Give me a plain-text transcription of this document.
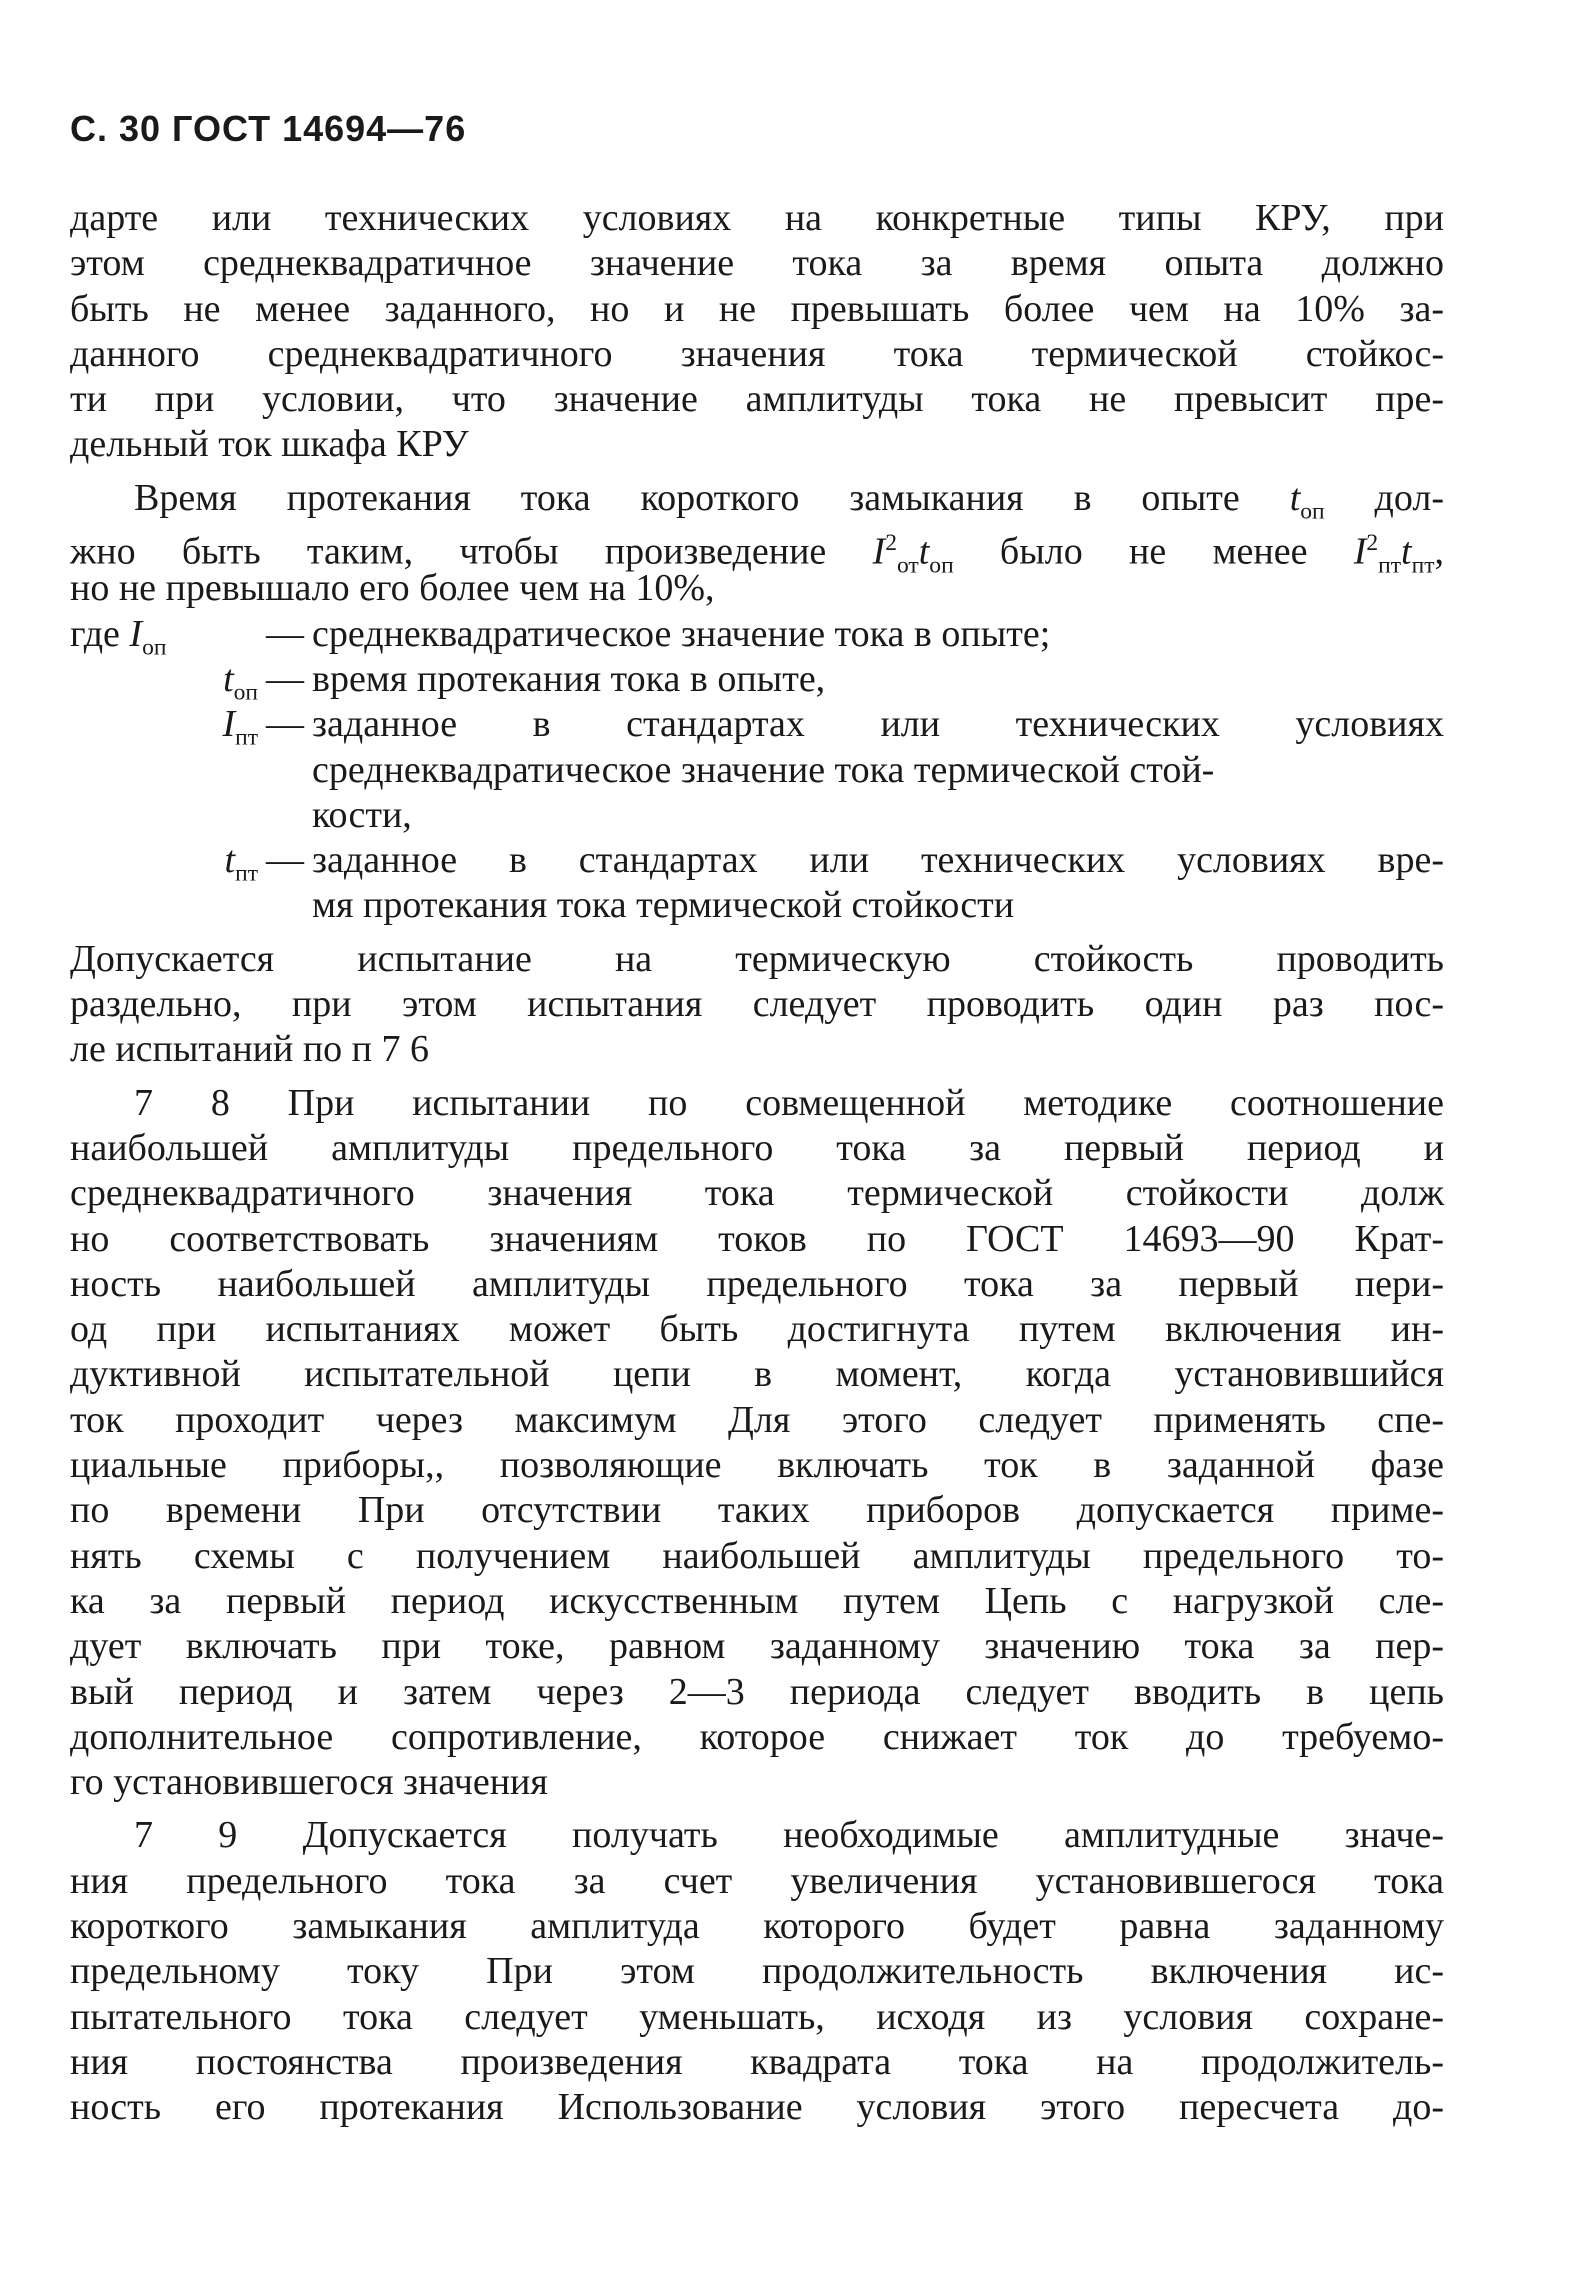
С. 30 ГОСТ 14694—76
дарте или технических условиях на конкретные типы КРУ, при
этом среднеквадратичное значение тока за время опыта должно
быть не менее заданного, но и не превышать более чем на 10% за-
данного среднеквадратичного значения тока термической стойкос-
ти при условии, что значение амплитуды тока не превысит пре-
дельный ток шкафа КРУ
Время протекания тока короткого замыкания в опыте $t_{оп}$ дол-
жно быть таким, чтобы произведение $I^2_{от}t_{оп}$ было не менее $I^2_{пт}t_{пт}$,
но не превышало его более чем на 10%,
где $I_{оп}$	— среднеквадратическое значение тока в опыте;
$t_{оп}$ — время протекания тока в опыте,
$I_{пт}$ — заданное в стандартах или технических условиях
среднеквадратическое значение тока термической стой-
кости,
$t_{пт}$ — заданное в стандартах или технических условиях вре-
мя протекания тока термической стойкости
Допускается испытание на термическую стойкость проводить
раздельно, при этом испытания следует проводить один раз пос-
ле испытаний по п 7 6
7 8 При испытании по совмещенной методике соотношение
наибольшей амплитуды предельного тока за первый период и
среднеквадратичного значения тока термической стойкости долж
но соответствовать значениям токов по ГОСТ 14693—90 Крат-
ность наибольшей амплитуды предельного тока за первый пери-
од при испытаниях может быть достигнута путем включения ин-
дуктивной испытательной цепи в момент, когда установившийся
ток проходит через максимум Для этого следует применять спе-
циальные приборы,, позволяющие включать ток в заданной фазе
по времени При отсутствии таких приборов допускается приме-
нять схемы с получением наибольшей амплитуды предельного то-
ка за первый период искусственным путем Цепь с нагрузкой сле-
дует включать при токе, равном заданному значению тока за пер-
вый период и затем через 2—3 периода следует вводить в цепь
дополнительное сопротивление, которое снижает ток до требуемо-
го установившегося значения
7 9 Допускается получать необходимые амплитудные значе-
ния предельного тока за счет увеличения установившегося тока
короткого замыкания амплитуда которого будет равна заданному
предельному току При этом продолжительность включения ис-
пытательного тока следует уменьшать, исходя из условия сохране-
ния постоянства произведения квадрата тока на продолжитель-
ность его протекания Использование условия этого пересчета до-
